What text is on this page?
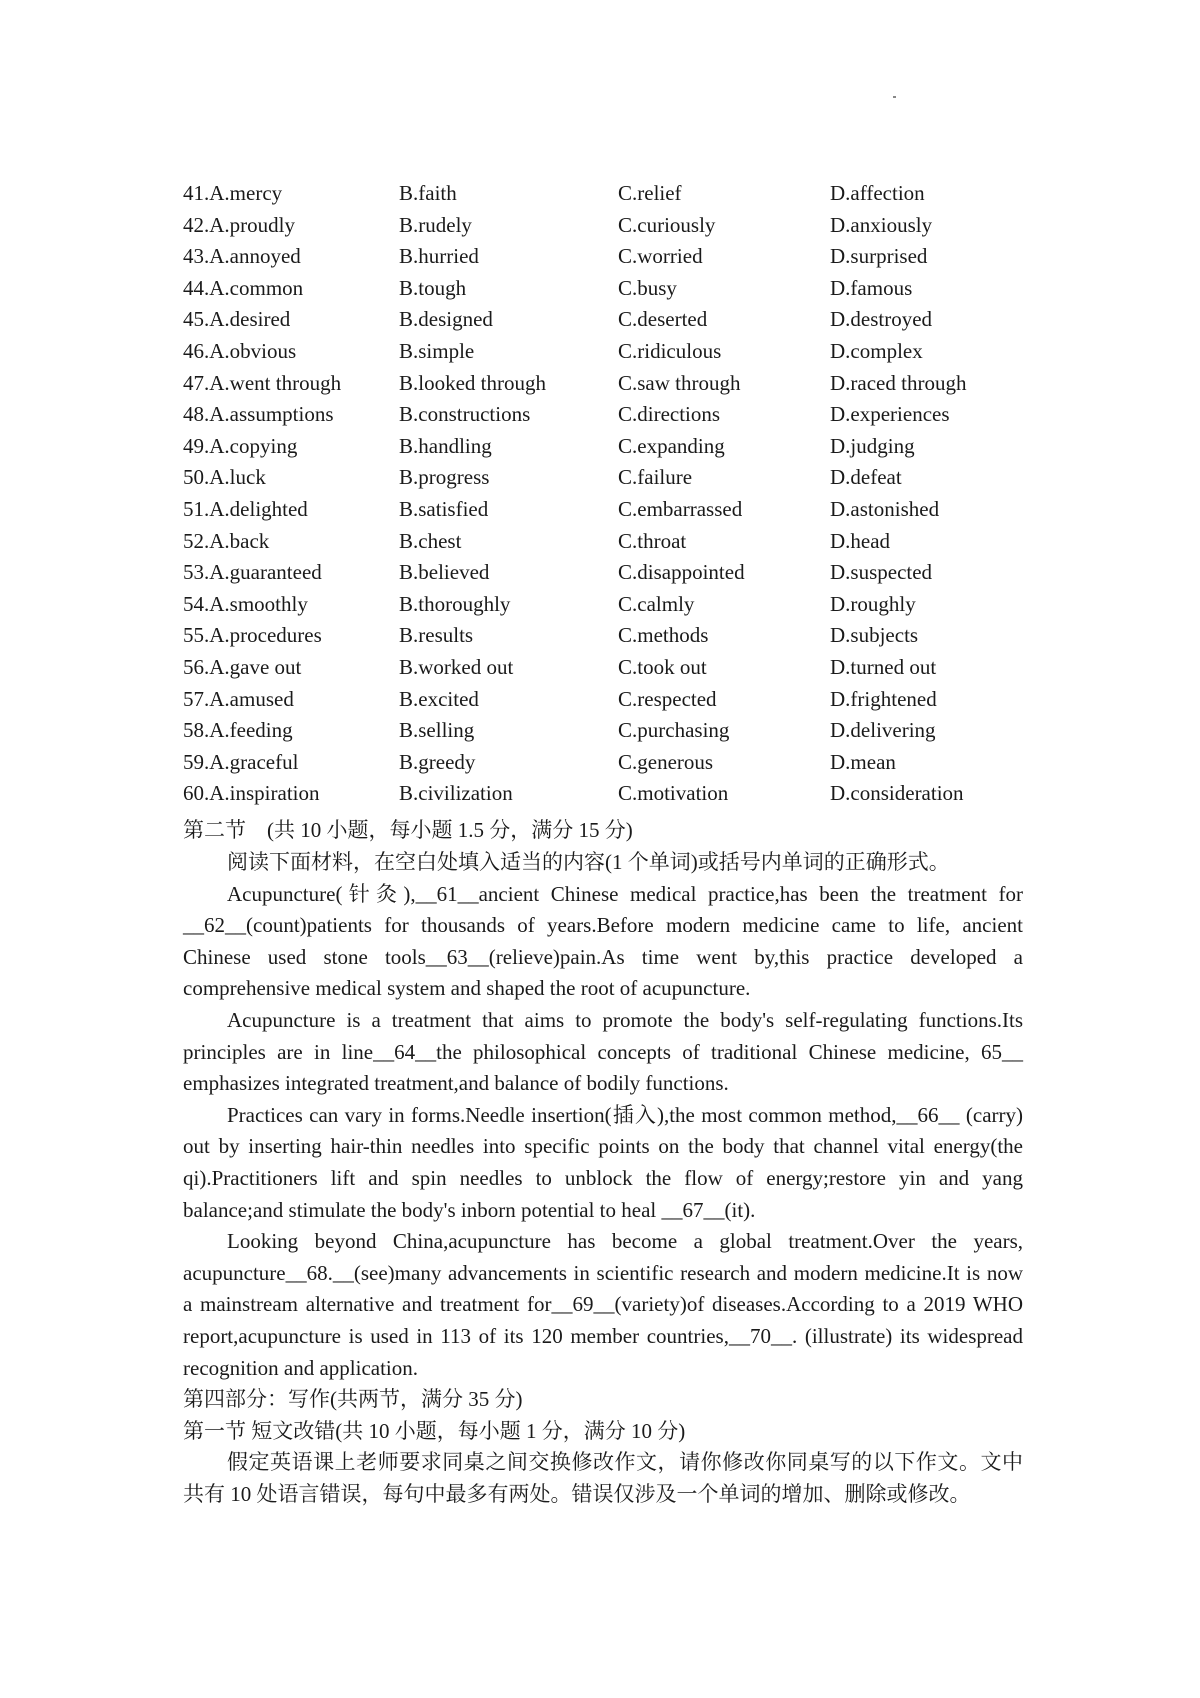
41.A.mercy	B.faith	C.relief	D.affection
42.A.proudly	B.rudely	C.curiously	D.anxiously
43.A.annoyed	B.hurried	C.worried	D.surprised
44.A.common	B.tough	C.busy	D.famous
45.A.desired	B.designed	C.deserted	D.destroyed
46.A.obvious	B.simple	C.ridiculous	D.complex
47.A.went through	B.looked through	C.saw through	D.raced through
48.A.assumptions	B.constructions	C.directions	D.experiences
49.A.copying	B.handling	C.expanding	D.judging
50.A.luck	B.progress	C.failure	D.defeat
51.A.delighted	B.satisfied	C.embarrassed	D.astonished
52.A.back	B.chest	C.throat	D.head
53.A.guaranteed	B.believed	C.disappointed	D.suspected
54.A.smoothly	B.thoroughly	C.calmly	D.roughly
55.A.procedures	B.results	C.methods	D.subjects
56.A.gave out	B.worked out	C.took out	D.turned out
57.A.amused	B.excited	C.respected	D.frightened
58.A.feeding	B.selling	C.purchasing	D.delivering
59.A.graceful	B.greedy	C.generous	D.mean
60.A.inspiration	B.civilization	C.motivation	D.consideration
第二节　(共 10 小题，每小题 1.5 分，满分 15 分)

阅读下面材料，在空白处填入适当的内容(1 个单词)或括号内单词的正确形式。

Acupuncture(针灸),__61__ancient Chinese medical practice,has been the treatment for __62__(count)patients for thousands of years.Before modern medicine came to life, ancient Chinese used stone tools__63__(relieve)pain.As time went by,this practice developed a comprehensive medical system and shaped the root of acupuncture.

Acupuncture is a treatment that aims to promote the body's self-regulating functions.Its principles are in line__64__the philosophical concepts of traditional Chinese medicine, 65__ emphasizes integrated treatment,and balance of bodily functions.

Practices can vary in forms.Needle insertion(插入),the most common method,__66__ (carry) out by inserting hair-thin needles into specific points on the body that channel vital energy(the qi).Practitioners lift and spin needles to unblock the flow of energy;restore yin and yang balance;and stimulate the body's inborn potential to heal __67__(it).

Looking beyond China,acupuncture has become a global treatment.Over the years, acupuncture__68.__(see)many advancements in scientific research and modern medicine.It is now a mainstream alternative and treatment for__69__(variety)of diseases.According to a 2019 WHO report,acupuncture is used in 113 of its 120 member countries,__70__. (illustrate) its widespread recognition and application.

第四部分：写作(共两节，满分 35 分)

第一节 短文改错(共 10 小题，每小题 1 分，满分 10 分)

假定英语课上老师要求同桌之间交换修改作文，请你修改你同桌写的以下作文。文中共有 10 处语言错误，每句中最多有两处。错误仅涉及一个单词的增加、删除或修改。
